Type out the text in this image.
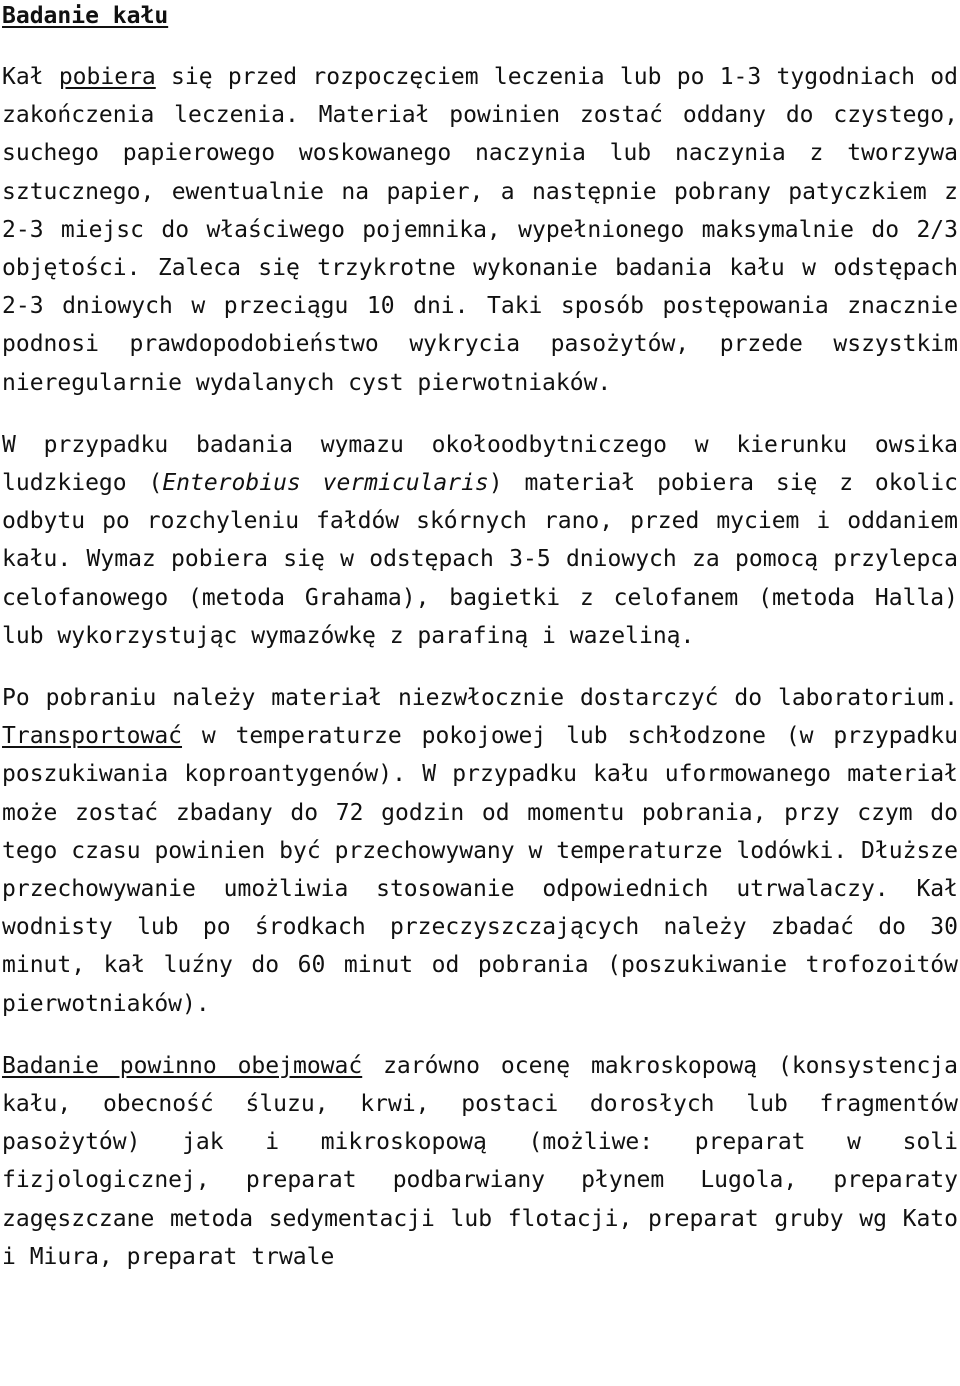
Badanie kału

Kał pobiera się przed rozpoczęciem leczenia lub po 1-3 tygodniach od zakończenia leczenia. Materiał powinien zostać oddany do czystego, suchego papierowego woskowanego naczynia lub naczynia z tworzywa sztucznego, ewentualnie na papier, a następnie pobrany patyczkiem z 2-3 miejsc do właściwego pojemnika, wypełnionego maksymalnie do 2/3 objętości. Zaleca się trzykrotne wykonanie badania kału w odstępach 2-3 dniowych w przeciągu 10 dni. Taki sposób postępowania znacznie podnosi prawdopodobieństwo wykrycia pasożytów, przede wszystkim nieregularnie wydalanych cyst pierwotniaków.

W przypadku badania wymazu okołoodbytniczego w kierunku owsika ludzkiego (Enterobius vermicularis) materiał pobiera się z okolic odbytu po rozchyleniu fałdów skórnych rano, przed myciem i oddaniem kału. Wymaz pobiera się w odstępach 3-5 dniowych za pomocą przylepca celofanowego (metoda Grahama), bagietki z celofanem (metoda Halla) lub wykorzystując wymazówkę z parafiną i wazeliną.

Po pobraniu należy materiał niezwłocznie dostarczyć do laboratorium. Transportować w temperaturze pokojowej lub schłodzone (w przypadku poszukiwania koproantygenów). W przypadku kału uformowanego materiał może zostać zbadany do 72 godzin od momentu pobrania, przy czym do tego czasu powinien być przechowywany w temperaturze lodówki. Dłuższe przechowywanie umożliwia stosowanie odpowiednich utrwalaczy. Kał wodnisty lub po środkach przeczyszczających należy zbadać do 30 minut, kał luźny do 60 minut od pobrania (poszukiwanie trofozoitów pierwotniaków).

Badanie powinno obejmować zarówno ocenę makroskopową (konsystencja kału, obecność śluzu, krwi, postaci dorosłych lub fragmentów pasożytów) jak i mikroskopową (możliwe: preparat w soli fizjologicznej, preparat podbarwiany płynem Lugola, preparaty zagęszczane metoda sedymentacji lub flotacji, preparat gruby wg Kato i Miura, preparat trwale
